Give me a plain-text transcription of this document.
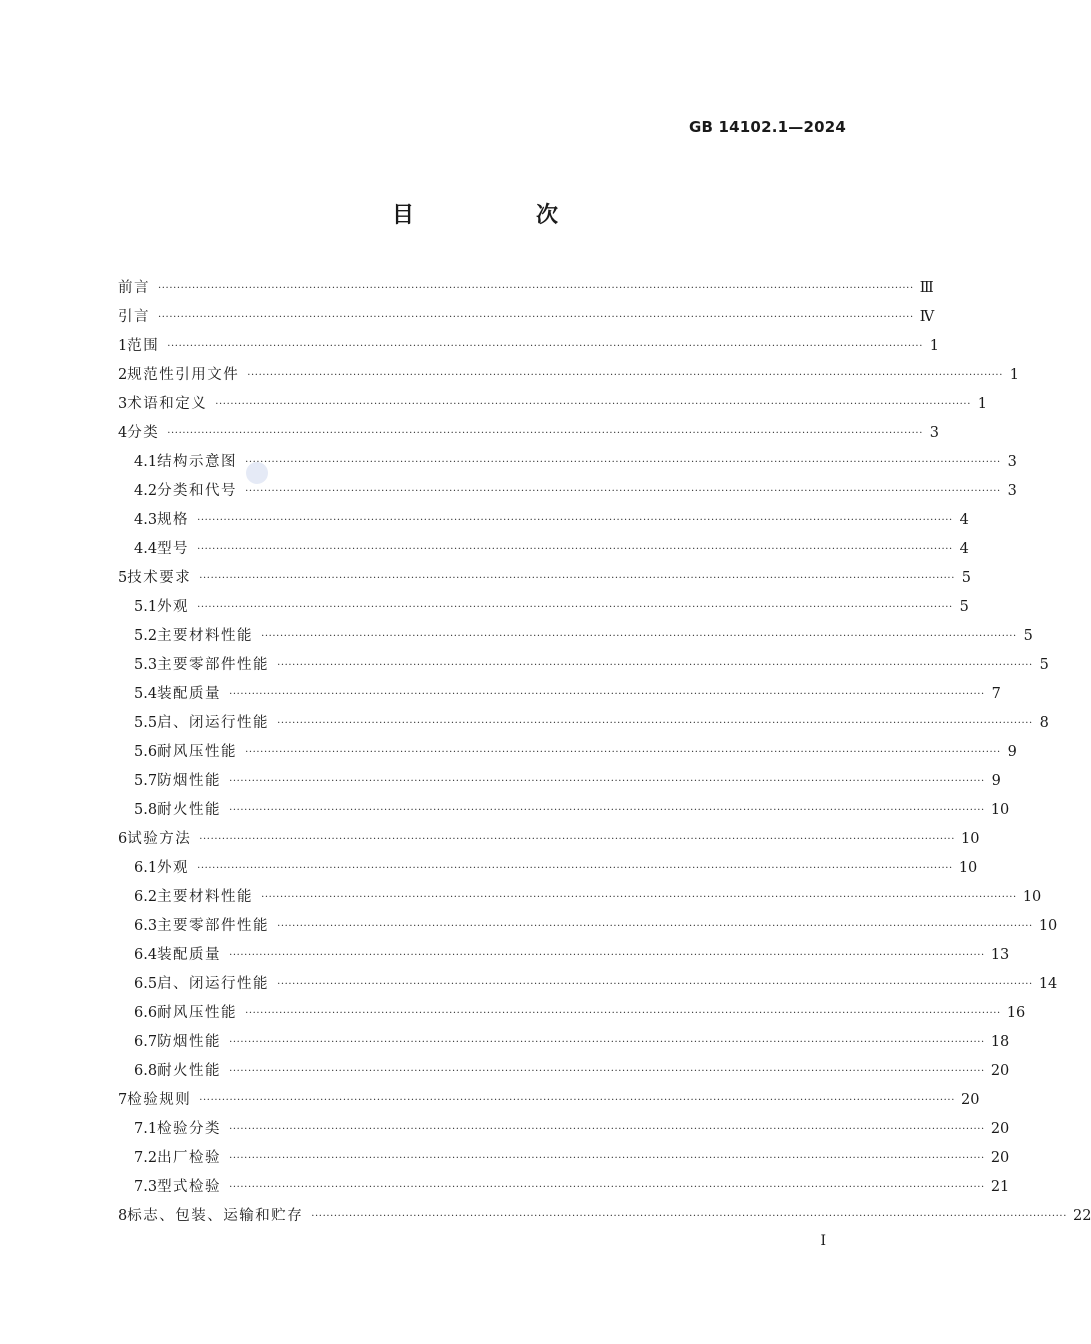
GB 14102.1—2024
目　次
前言 ········································································································································································································ Ⅲ
引言 ········································································································································································································ Ⅳ
1 范围 ········································································································································································································ 1
2 规范性引用文件 ········································································································································································································ 1
3 术语和定义 ········································································································································································································ 1
4 分类 ········································································································································································································ 3
4.1 结构示意图 ········································································································································································································ 3
4.2 分类和代号 ········································································································································································································ 3
4.3 规格 ········································································································································································································ 4
4.4 型号 ········································································································································································································ 4
5 技术要求 ········································································································································································································ 5
5.1 外观 ········································································································································································································ 5
5.2 主要材料性能 ········································································································································································································ 5
5.3 主要零部件性能 ········································································································································································································ 5
5.4 装配质量 ········································································································································································································ 7
5.5 启、闭运行性能 ········································································································································································································ 8
5.6 耐风压性能 ········································································································································································································ 9
5.7 防烟性能 ········································································································································································································ 9
5.8 耐火性能 ········································································································································································································ 10
6 试验方法 ········································································································································································································ 10
6.1 外观 ········································································································································································································ 10
6.2 主要材料性能 ········································································································································································································ 10
6.3 主要零部件性能 ········································································································································································································ 10
6.4 装配质量 ········································································································································································································ 13
6.5 启、闭运行性能 ········································································································································································································ 14
6.6 耐风压性能 ········································································································································································································ 16
6.7 防烟性能 ········································································································································································································ 18
6.8 耐火性能 ········································································································································································································ 20
7 检验规则 ········································································································································································································ 20
7.1 检验分类 ········································································································································································································ 20
7.2 出厂检验 ········································································································································································································ 20
7.3 型式检验 ········································································································································································································ 21
8 标志、包装、运输和贮存 ········································································································································································································ 22
I
